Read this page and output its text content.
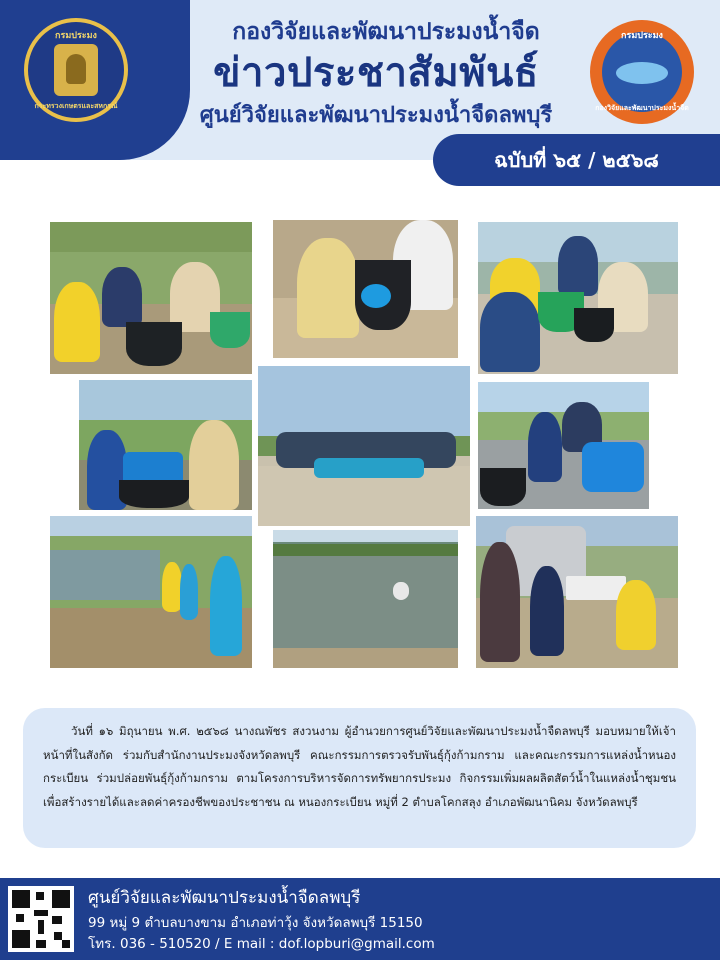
กรมประมง
กระทรวงเกษตรและสหกรณ์
กองวิจัยและพัฒนาประมงน้ำจืด
ข่าวประชาสัมพันธ์
ศูนย์วิจัยและพัฒนาประมงน้ำจืดลพบุรี
กรมประมง
กองวิจัยและพัฒนาประมงน้ำจืด
ฉบับที่ ๖๕ / ๒๕๖๘

วันที่ ๑๖ มิถุนายน พ.ศ. ๒๕๖๘ นางณพัชร สงวนงาม ผู้อำนวยการศูนย์วิจัยและพัฒนาประมงน้ำจืดลพบุรี มอบหมายให้เจ้าหน้าที่ในสังกัด ร่วมกับสำนักงานประมงจังหวัดลพบุรี คณะกรรมการตรวจรับพันธุ์กุ้งก้ามกราม และคณะกรรมการแหล่งน้ำหนองกระเบียน ร่วมปล่อยพันธุ์กุ้งก้ามกราม ตามโครงการบริหารจัดการทรัพยากรประมง กิจกรรมเพิ่มผลผลิตสัตว์น้ำในแหล่งน้ำชุมชนเพื่อสร้างรายได้และลดค่าครองชีพของประชาชน ณ หนองกระเบียน หมู่ที่ 2 ตำบลโคกสลุง อำเภอพัฒนานิคม จังหวัดลพบุรี

ศูนย์วิจัยและพัฒนาประมงน้ำจืดลพบุรี
99 หมู่ 9 ตำบลบางขาม อำเภอท่าวุ้ง จังหวัดลพบุรี 15150
โทร. 036 - 510520 / E mail : dof.lopburi@gmail.com
